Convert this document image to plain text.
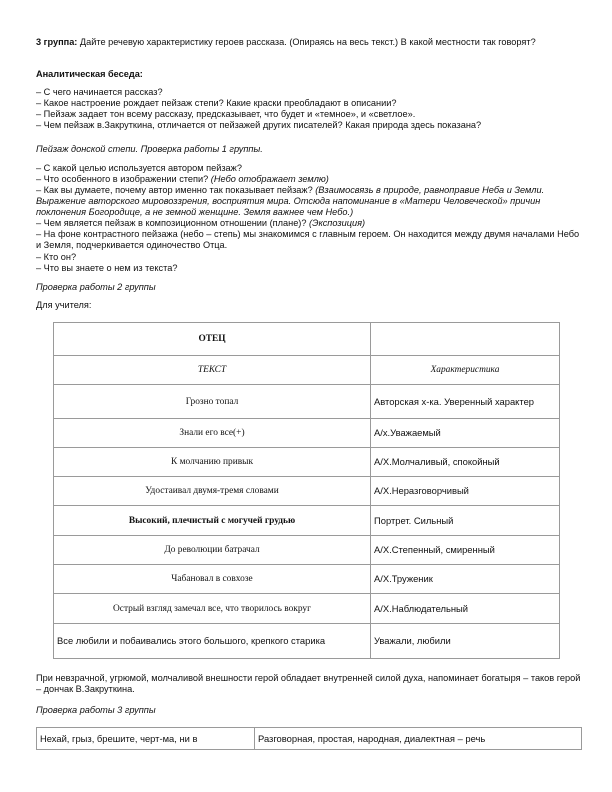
3 группа: Дайте речевую характеристику героев рассказа. (Опираясь на весь текст.) В какой местности так говорят?

Аналитическая беседа:

– С чего начинается рассказ?

– Какое настроение рождает пейзаж степи? Какие краски преобладают в описании?

– Пейзаж задает тон всему рассказу, предсказывает, что будет и «темное», и «светлое».

– Чем пейзаж в.Закруткина, отличается от пейзажей других писателей? Какая природа здесь показана?

Пейзаж донской степи. Проверка работы 1 группы.

– С какой целью используется автором пейзаж?

– Что особенного в изображении степи? (Небо отображает землю)

– Как вы думаете, почему автор именно так показывает пейзаж? (Взаимосвязь в природе, равноправие Неба и Земли. Выражение авторского мировоззрения, восприятия мира. Отсюда напоминание в «Матери Человеческой» причин поклонения Богородице, а не земной женщине. Земля важнее чем Небо.)

– Чем является пейзаж в композиционном отношении (плане)? (Экспозиция)

– На фоне контрастного пейзажа (небо – степь) мы знакомимся с главным героем. Он находится между двумя началами Небо и Земля, подчеркивается одиночество Отца.

– Кто он?

– Что вы знаете о нем из текста?

Проверка работы 2 группы

Для учителя:

ОТЕЦ	
ТЕКСТ	Характеристика
Грозно топал	Авторская х-ка. Уверенный характер
Знали его все(+)	А/х.Уважаемый
К молчанию привык	А/Х.Молчаливый, спокойный
Удостаивал двумя-тремя словами	А/Х.Неразговорчивый
Высокий, плечистый с могучей грудью	Портрет. Сильный
До революции батрачал	А/Х.Степенный, смиренный
Чабановал в совхозе	А/Х.Труженик
Острый взгляд замечал все, что творилось вокруг	А/Х.Наблюдательный
Все любили и побаивались этого большого, крепкого старика	Уважали, любили

При невзрачной, угрюмой, молчаливой внешности герой обладает внутренней силой духа, напоминает богатыря – таков герой – дончак В.Закруткина.

Проверка работы 3 группы

Нехай, грыз, брешите, черт-ма, ни в	Разговорная, простая, народная, диалектная – речь
